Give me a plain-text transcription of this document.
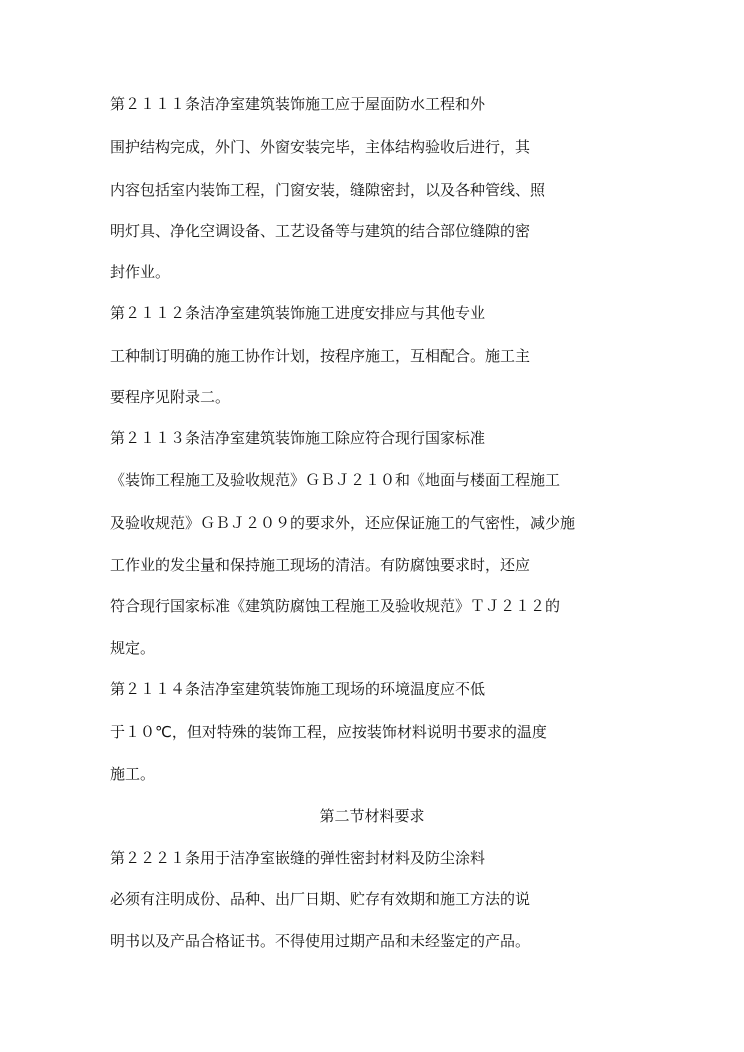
第２１１１条洁净室建筑装饰施工应于屋面防水工程和外
围护结构完成，外门、外窗安装完毕，主体结构验收后进行，其
内容包括室内装饰工程，门窗安装，缝隙密封，以及各种管线、照
明灯具、净化空调设备、工艺设备等与建筑的结合部位缝隙的密
封作业。
第２１１２条洁净室建筑装饰施工进度安排应与其他专业
工种制订明确的施工协作计划，按程序施工，互相配合。施工主
要程序见附录二。
第２１１３条洁净室建筑装饰施工除应符合现行国家标准
《装饰工程施工及验收规范》ＧＢＪ２１０和《地面与楼面工程施工
及验收规范》ＧＢＪ２０９的要求外，还应保证施工的气密性，减少施
工作业的发尘量和保持施工现场的清洁。有防腐蚀要求时，还应
符合现行国家标准《建筑防腐蚀工程施工及验收规范》ＴＪ２１２的
规定。
第２１１４条洁净室建筑装饰施工现场的环境温度应不低
于１０℃，但对特殊的装饰工程，应按装饰材料说明书要求的温度
施工。
第二节材料要求
第２２２１条用于洁净室嵌缝的弹性密封材料及防尘涂料
必须有注明成份、品种、出厂日期、贮存有效期和施工方法的说
明书以及产品合格证书。不得使用过期产品和未经鉴定的产品。
